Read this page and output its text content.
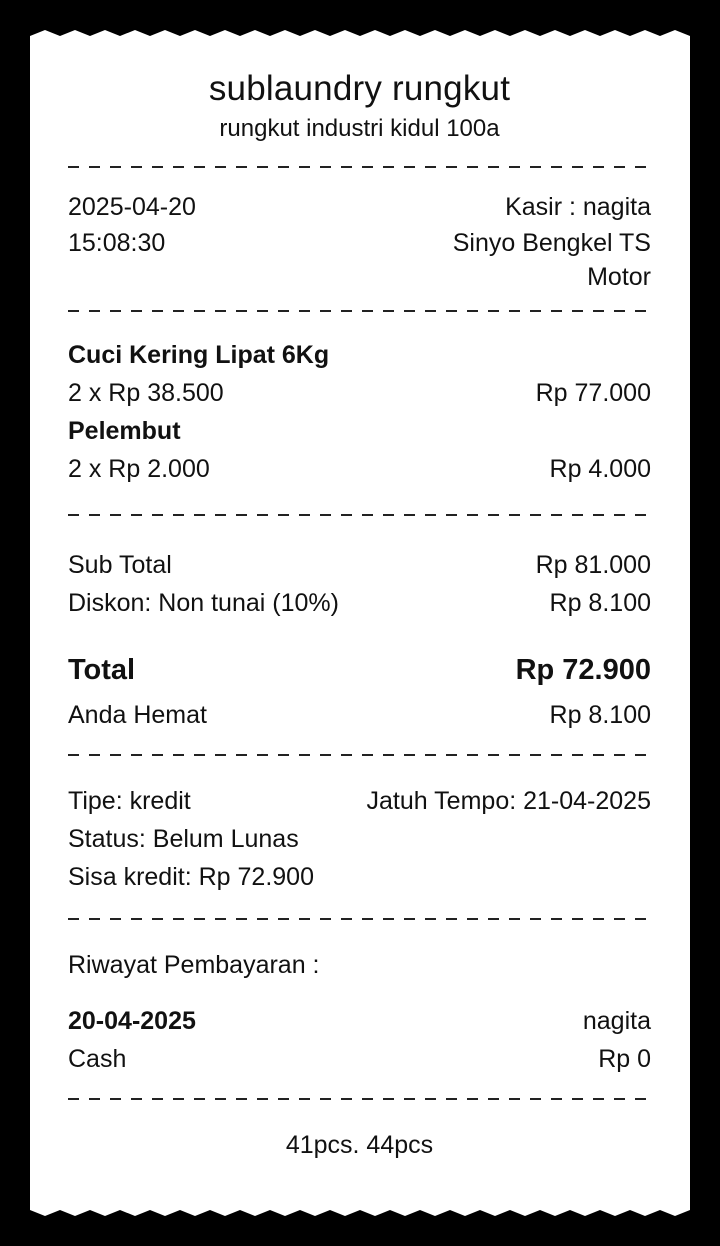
sublaundry rungkut
rungkut industri kidul 100a
2025-04-20	Kasir : nagita
15:08:30	Sinyo Bengkel TS Motor
Cuci Kering Lipat 6Kg
2 x Rp 38.500	Rp 77.000
Pelembut
2 x Rp 2.000	Rp 4.000
Sub Total	Rp 81.000
Diskon: Non tunai (10%)	Rp 8.100
Total	Rp 72.900
Anda Hemat	Rp 8.100
Tipe: kredit	Jatuh Tempo: 21-04-2025
Status: Belum Lunas
Sisa kredit: Rp 72.900
Riwayat Pembayaran :
20-04-2025	nagita
Cash	Rp 0
41pcs. 44pcs
